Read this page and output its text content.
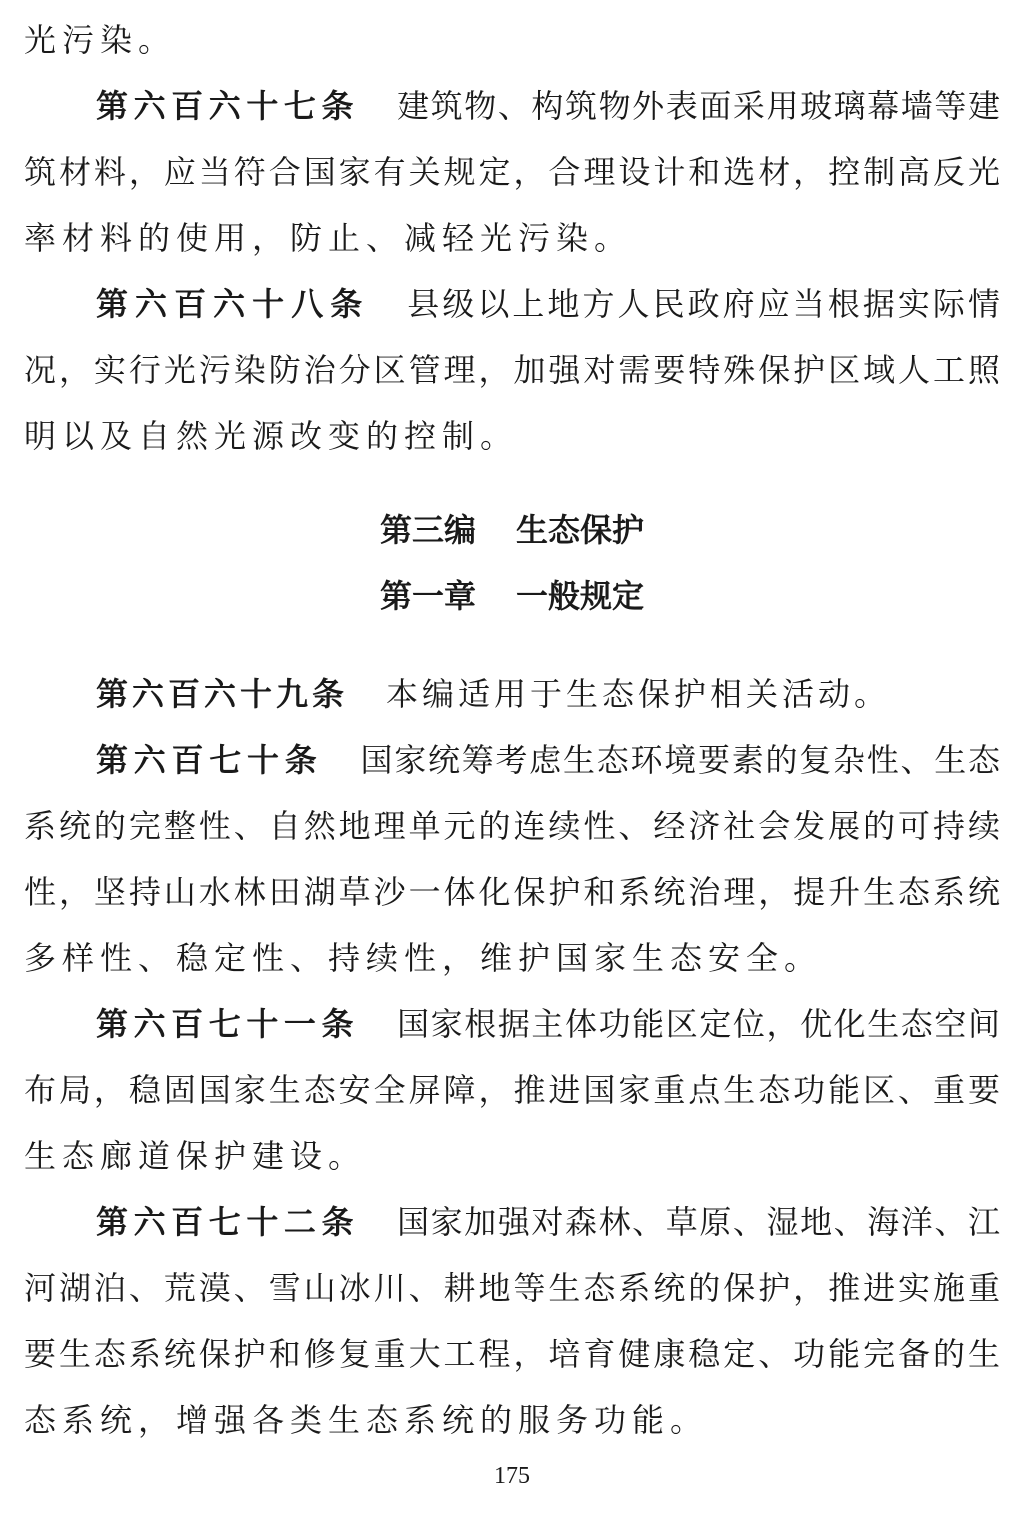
光污染。
第六百六十七条 建筑物、构筑物外表面采用玻璃幕墙等建
筑材料，应当符合国家有关规定，合理设计和选材，控制高反光
率材料的使用，防止、减轻光污染。
第六百六十八条 县级以上地方人民政府应当根据实际情
况，实行光污染防治分区管理，加强对需要特殊保护区域人工照
明以及自然光源改变的控制。
第三编 生态保护
第一章 一般规定
第六百六十九条 本编适用于生态保护相关活动。
第六百七十条 国家统筹考虑生态环境要素的复杂性、生态
系统的完整性、自然地理单元的连续性、经济社会发展的可持续
性，坚持山水林田湖草沙一体化保护和系统治理，提升生态系统
多样性、稳定性、持续性，维护国家生态安全。
第六百七十一条 国家根据主体功能区定位，优化生态空间
布局，稳固国家生态安全屏障，推进国家重点生态功能区、重要
生态廊道保护建设。
第六百七十二条 国家加强对森林、草原、湿地、海洋、江
河湖泊、荒漠、雪山冰川、耕地等生态系统的保护，推进实施重
要生态系统保护和修复重大工程，培育健康稳定、功能完备的生
态系统，增强各类生态系统的服务功能。
175
